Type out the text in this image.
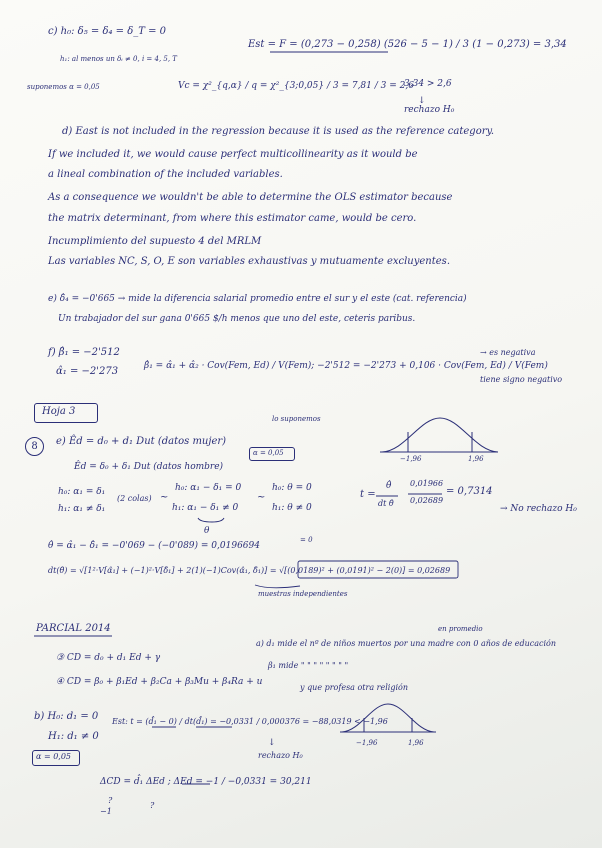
c) h₀: δ₅ = δ₄ = δ_T = 0
h₁: al menos un δᵢ ≠ 0, i = 4, 5, T
Est = F = (0,273 − 0,258) (526 − 5 − 1) / 3 (1 − 0,273) = 3,34
suponemos α = 0,05	Vc = χ²_{q,α} / q = χ²_{3;0,05} / 3 = 7,81 / 3 = 2,6
3,34 > 2,6
↓
rechazo H₀
d) East is not included in the regression because it is used as the reference category.
If we included it, we would cause perfect multicollinearity as it would be
a lineal combination of the included variables.
As a consequence we wouldn't be able to determine the OLS estimator because
the matrix determinant, from where this estimator came, would be cero.
Incumplimiento del supuesto 4 del MRLM
Las variables NC, S, O, E son variables exhaustivas y mutuamente excluyentes.
e) δ̂₄ = −0'665 → mide la diferencia salarial promedio entre el sur y el este (cat. referencia)
Un trabajador del sur gana 0'665 $/h menos que uno del este, ceteris paribus.
f) β̂₁ = −2'512
α̂₁ = −2'273	β̂₁ = α̂₁ + α̂₂ · Cov(Fem, Ed) / V(Fem); −2'512 = −2'273 + 0,106 · Cov(Fem, Ed) / V(Fem)
→ es negativa
tiene signo negativo
Hoja 3
8	e) Êd = d₀ + d₁ Dut (datos mujer)
Êd = δ₀ + δ₁ Dut (datos hombre)
α = 0,05
lo suponemos
h₀: α₁ = δ₁
h₁: α₁ ≠ δ₁
(2 colas) ~
h₀: α₁ − δ₁ = 0
h₁: α₁ − δ₁ ≠ 0
θ
~
h₀: θ = 0
h₁: θ ≠ 0
t =
θ̂
dt θ̂
0,01966
0,02689
= 0,7314
→ No rechazo H₀
θ̂ = α̂₁ − δ̂₁ = −0'069 − (−0'089) = 0,0196694
= 0
dt(θ̂) = √[1²·V[α̂₁] + (−1)²·V[δ̂₁] + 2(1)(−1)Cov(α̂₁, δ̂₁)] = √[(0,0189)² + (0,0191)² − 2(0)] = 0,02689
muestras independientes
−1,96	1,96
PARCIAL 2014
③ CD = d₀ + d₁ Ed + γ
④ CD = β₀ + β₁Ed + β₂Ca + β₃Mu + β₄Ra + u
en promedio
a) d₁ mide el nº de niños muertos por una madre con 0 años de educación
β₁ mide " " " " " " " "
y que profesa otra religión
b) H₀: d₁ = 0
H₁: d₁ ≠ 0
α = 0,05
Est: t = (d̂₁ − 0) / dt(d̂₁) = −0,0331 / 0,000376 = −88,0319 < −1,96
↓
rechazo H₀
−1,96	1,96
ΔCD = d̂₁ ΔEd ; ΔEd = −1 / −0,0331 = 30,211
?
−1
?
